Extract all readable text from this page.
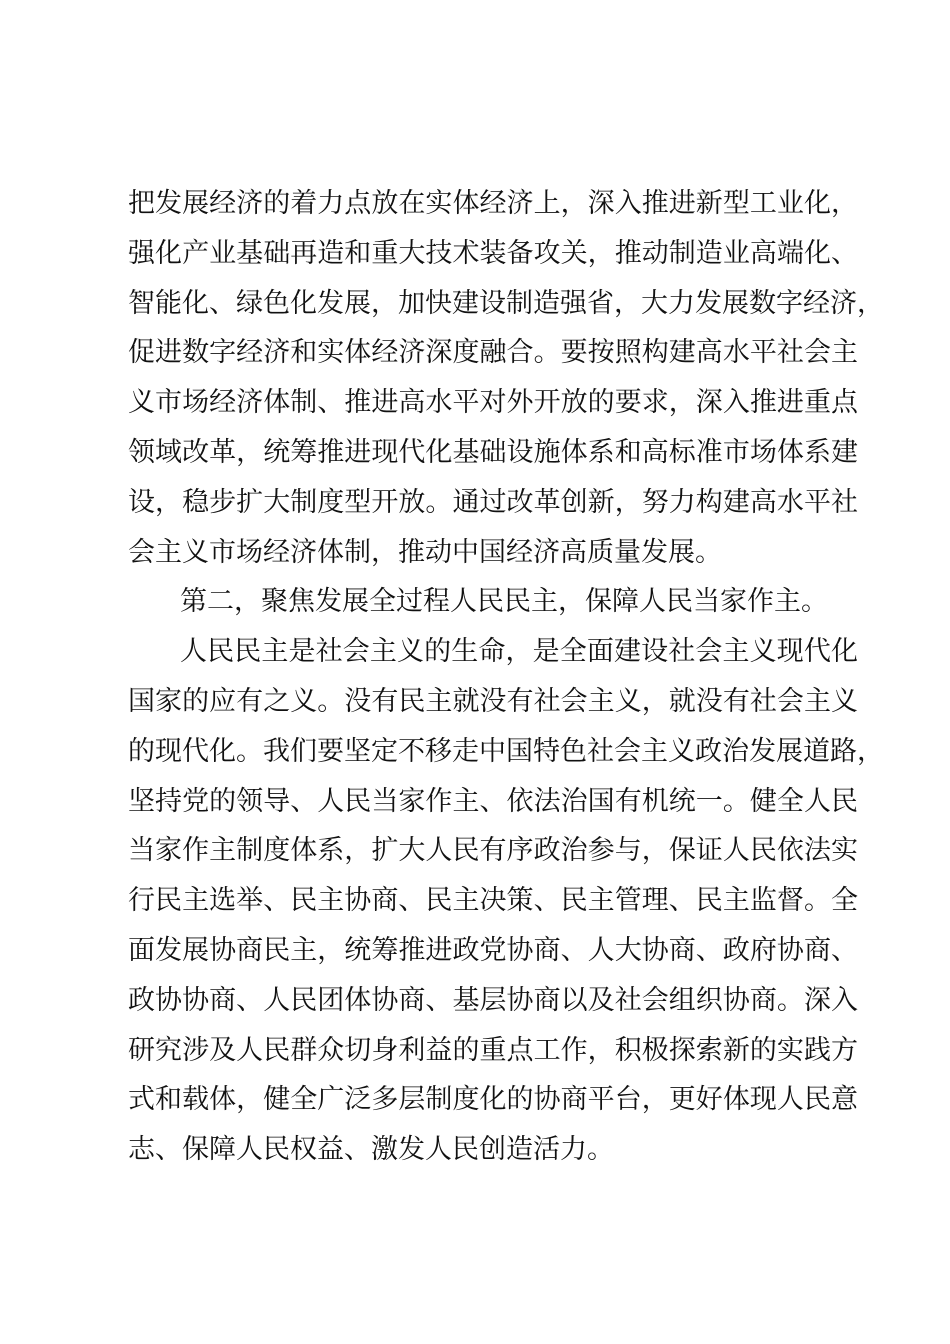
把发展经济的着力点放在实体经济上，深入推进新型工业化，
强化产业基础再造和重大技术装备攻关，推动制造业高端化、
智能化、绿色化发展，加快建设制造强省，大力发展数字经济，
促进数字经济和实体经济深度融合。要按照构建高水平社会主
义市场经济体制、推进高水平对外开放的要求，深入推进重点
领域改革，统筹推进现代化基础设施体系和高标准市场体系建
设，稳步扩大制度型开放。通过改革创新，努力构建高水平社
会主义市场经济体制，推动中国经济高质量发展。
第二，聚焦发展全过程人民民主，保障人民当家作主。
人民民主是社会主义的生命，是全面建设社会主义现代化
国家的应有之义。没有民主就没有社会主义，就没有社会主义
的现代化。我们要坚定不移走中国特色社会主义政治发展道路，
坚持党的领导、人民当家作主、依法治国有机统一。健全人民
当家作主制度体系，扩大人民有序政治参与，保证人民依法实
行民主选举、民主协商、民主决策、民主管理、民主监督。全
面发展协商民主，统筹推进政党协商、人大协商、政府协商、
政协协商、人民团体协商、基层协商以及社会组织协商。深入
研究涉及人民群众切身利益的重点工作，积极探索新的实践方
式和载体，健全广泛多层制度化的协商平台，更好体现人民意
志、保障人民权益、激发人民创造活力。
